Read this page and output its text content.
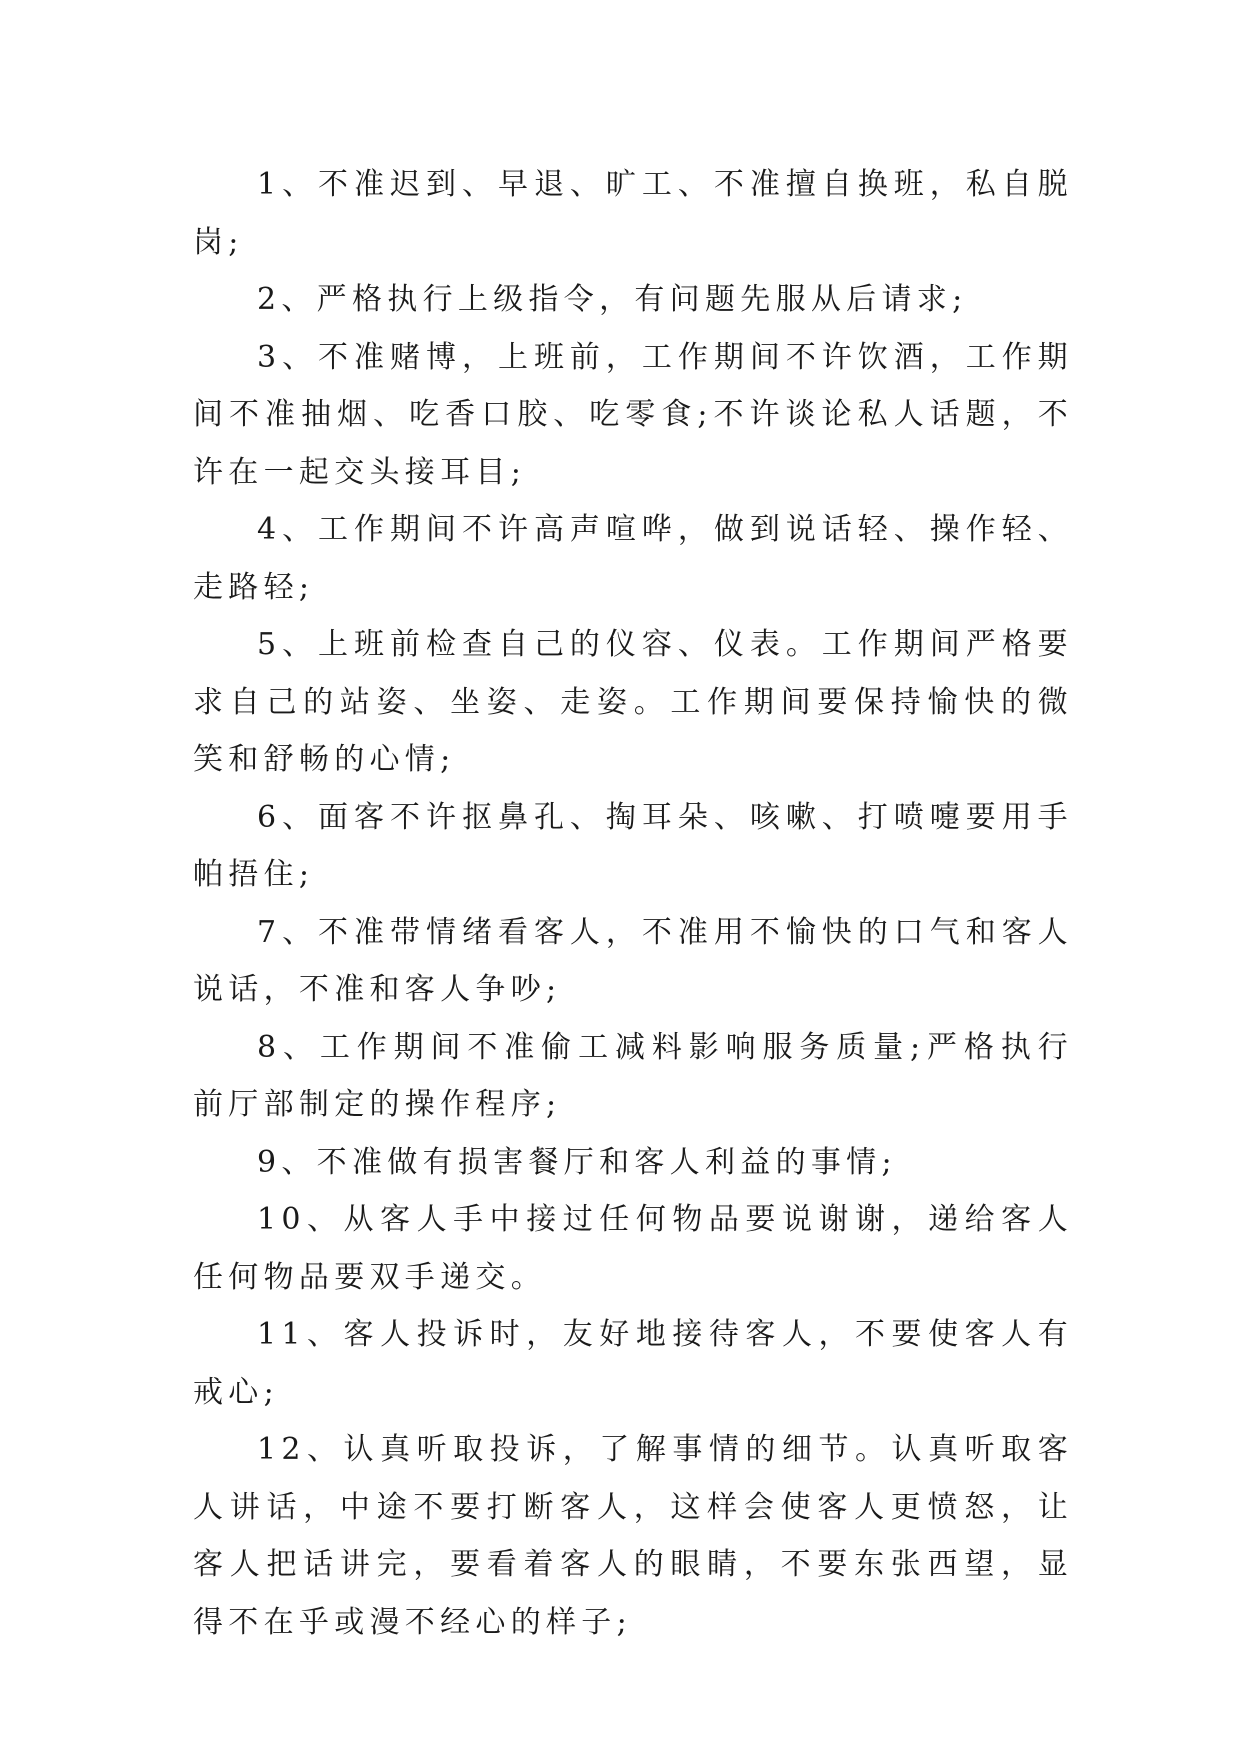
1、不准迟到、早退、旷工、不准擅自换班，私自脱岗;

2、严格执行上级指令，有问题先服从后请求;

3、不准赌博，上班前，工作期间不许饮酒，工作期间不准抽烟、吃香口胶、吃零食;不许谈论私人话题，不许在一起交头接耳目;

4、工作期间不许高声喧哗，做到说话轻、操作轻、走路轻;

5、上班前检查自己的仪容、仪表。工作期间严格要求自己的站姿、坐姿、走姿。工作期间要保持愉快的微笑和舒畅的心情;

6、面客不许抠鼻孔、掏耳朵、咳嗽、打喷嚏要用手帕捂住;

7、不准带情绪看客人，不准用不愉快的口气和客人说话，不准和客人争吵;

8、工作期间不准偷工减料影响服务质量;严格执行前厅部制定的操作程序;

9、不准做有损害餐厅和客人利益的事情;

10、从客人手中接过任何物品要说谢谢，递给客人任何物品要双手递交。

11、客人投诉时，友好地接待客人，不要使客人有戒心;

12、认真听取投诉，了解事情的细节。认真听取客人讲话，中途不要打断客人，这样会使客人更愤怒，让客人把话讲完，要看着客人的眼睛，不要东张西望，显得不在乎或漫不经心的样子;
